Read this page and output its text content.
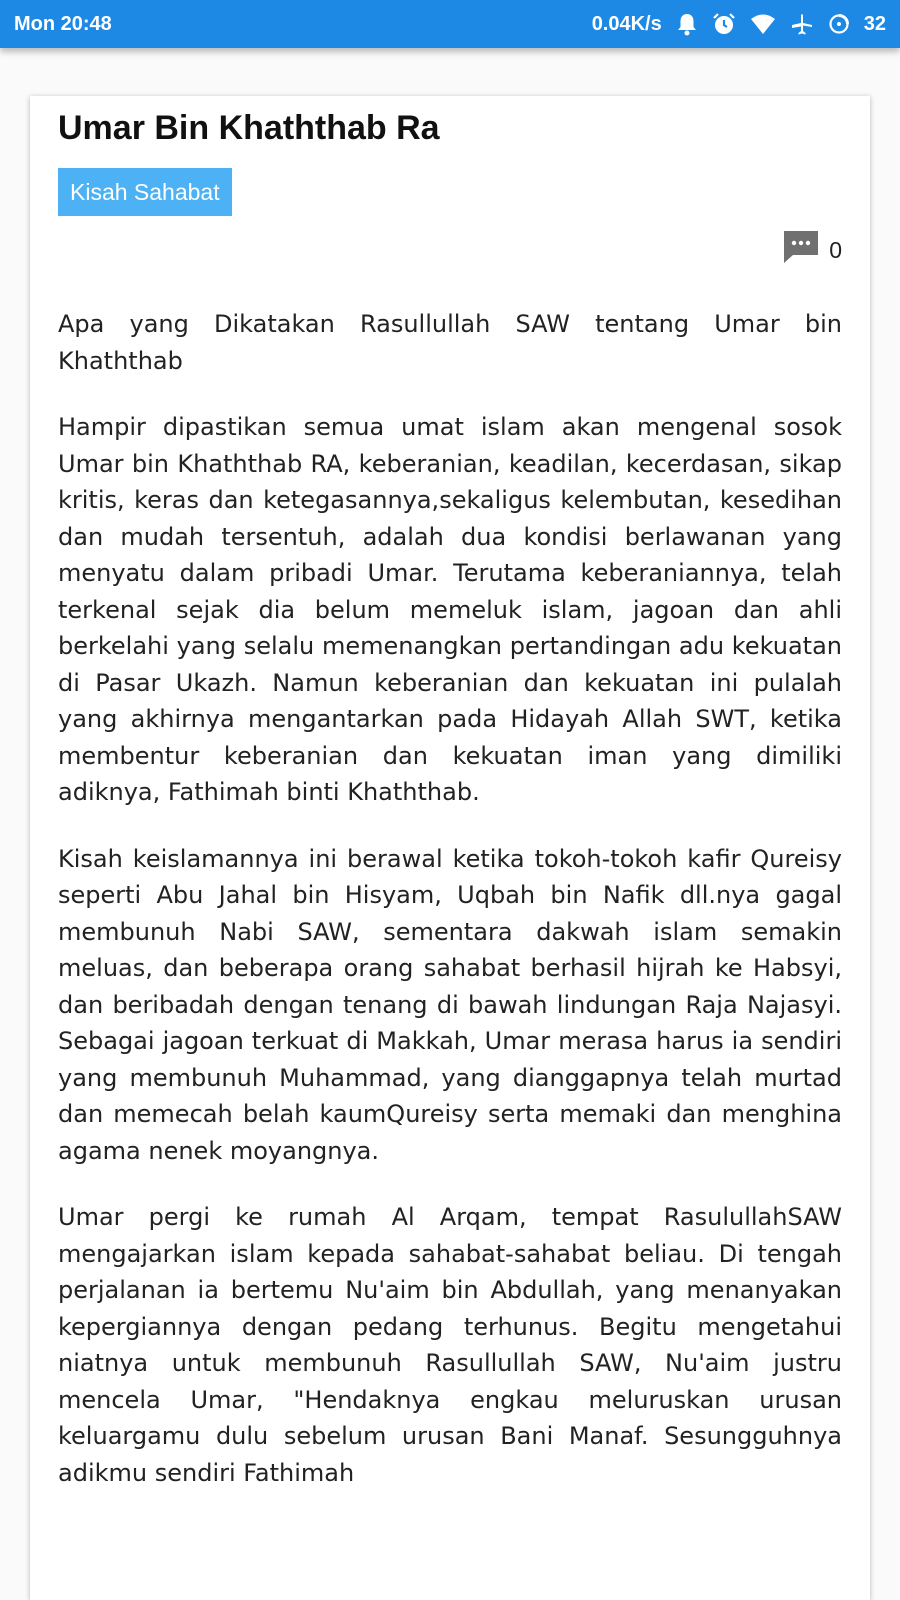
Mon 20:48	0.04K/s	32
Umar Bin Khaththab Ra
Kisah Sahabat
0

Apa yang Dikatakan Rasullullah SAW tentang Umar bin Khaththab

Hampir dipastikan semua umat islam akan mengenal sosok Umar bin Khaththab RA, keberanian, keadilan, kecerdasan, sikap kritis, keras dan ketegasannya,sekaligus kelembutan, kesedihan dan mudah tersentuh, adalah dua kondisi berlawanan yang menyatu dalam pribadi Umar. Terutama keberaniannya, telah terkenal sejak dia belum memeluk islam, jagoan dan ahli berkelahi yang selalu memenangkan pertandingan adu kekuatan di Pasar Ukazh. Namun keberanian dan kekuatan ini pulalah yang akhirnya mengantarkan pada Hidayah Allah SWT, ketika membentur keberanian dan kekuatan iman yang dimiliki adiknya, Fathimah binti Khaththab.

Kisah keislamannya ini berawal ketika tokoh-tokoh kafir Qureisy seperti Abu Jahal bin Hisyam, Uqbah bin Nafik dll.nya gagal membunuh Nabi SAW, sementara dakwah islam semakin meluas, dan beberapa orang sahabat berhasil hijrah ke Habsyi, dan beribadah dengan tenang di bawah lindungan Raja Najasyi. Sebagai jagoan terkuat di Makkah, Umar merasa harus ia sendiri yang membunuh Muhammad, yang dianggapnya telah murtad dan memecah belah kaumQureisy serta memaki dan menghina agama nenek moyangnya.

Umar pergi ke rumah Al Arqam, tempat RasulullahSAW mengajarkan islam kepada sahabat-sahabat beliau. Di tengah perjalanan ia bertemu Nu'aim bin Abdullah, yang menanyakan kepergiannya dengan pedang terhunus. Begitu mengetahui niatnya untuk membunuh Rasullullah SAW, Nu'aim justru mencela Umar, "Hendaknya engkau meluruskan urusan keluargamu dulu sebelum urusan Bani Manaf. Sesungguhnya adikmu sendiri Fathimah
